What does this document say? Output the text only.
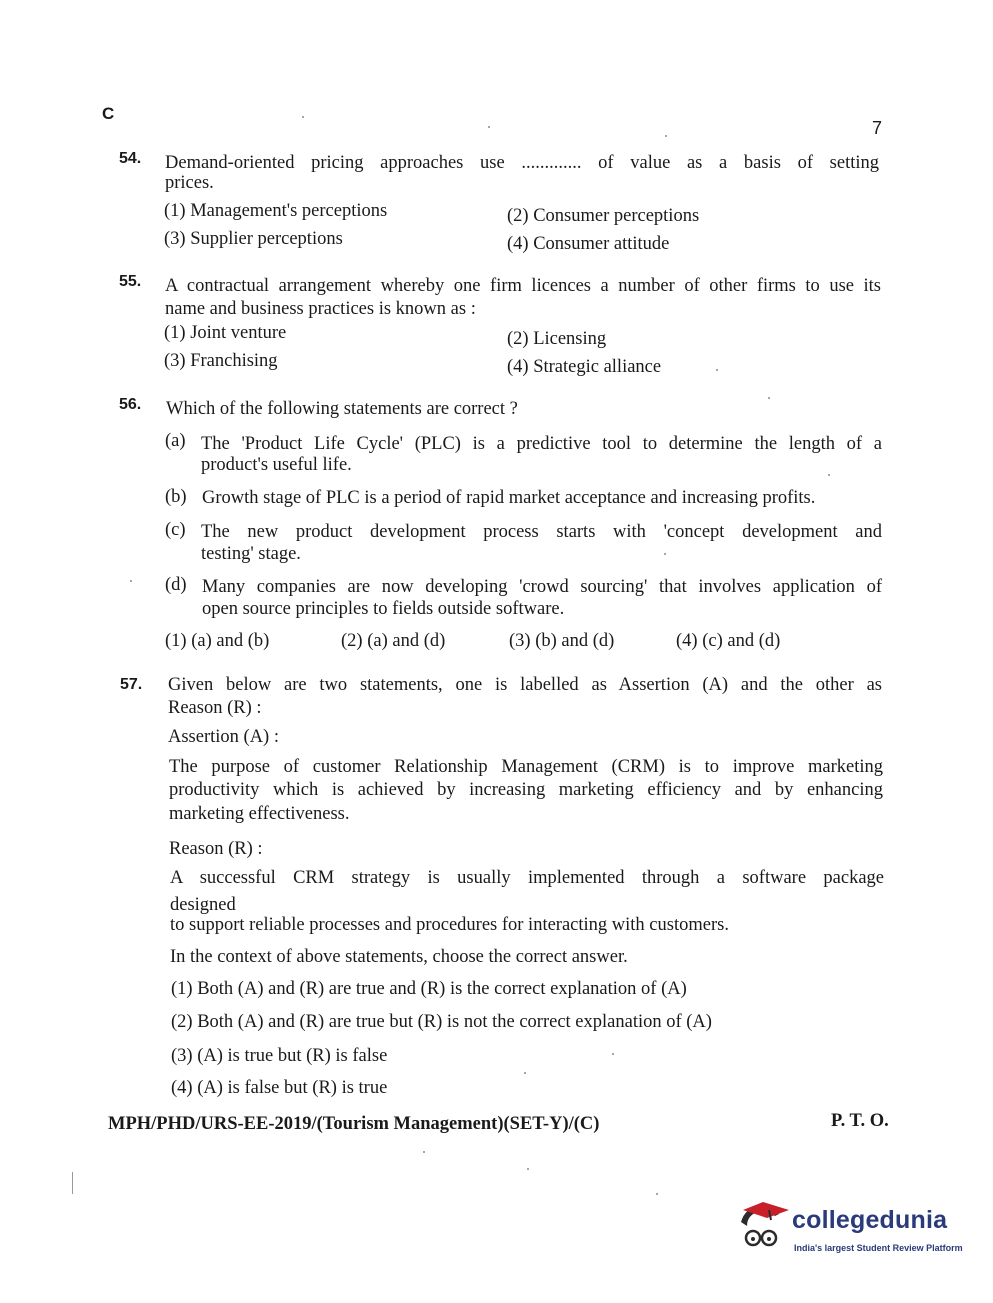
C
7
54. Demand-oriented pricing approaches use ............. of value as a basis of setting
prices.
(1) Management's perceptions	(2) Consumer perceptions
(3) Supplier perceptions	(4) Consumer attitude
55. A contractual arrangement whereby one firm licences a number of other firms to use its
name and business practices is known as :
(1) Joint venture	(2) Licensing
(3) Franchising	(4) Strategic alliance
56. Which of the following statements are correct ?
(a) The 'Product Life Cycle' (PLC) is a predictive tool to determine the length of a
product's useful life.
(b) Growth stage of PLC is a period of rapid market acceptance and increasing profits.
(c) The new product development process starts with 'concept development and
testing' stage.
(d) Many companies are now developing 'crowd sourcing' that involves application of
open source principles to fields outside software.
(1) (a) and (b)	(2) (a) and (d)	(3) (b) and (d)	(4) (c) and (d)
57. Given below are two statements, one is labelled as Assertion (A) and the other as
Reason (R) :
Assertion (A) :
The purpose of customer Relationship Management (CRM) is to improve marketing
productivity which is achieved by increasing marketing efficiency and by enhancing
marketing effectiveness.
Reason (R) :
A successful CRM strategy is usually implemented through a software package
designed
to support reliable processes and procedures for interacting with customers.
In the context of above statements, choose the correct answer.
(1) Both (A) and (R) are true and (R) is the correct explanation of (A)
(2) Both (A) and (R) are true but (R) is not the correct explanation of (A)
(3) (A) is true but (R) is false
(4) (A) is false but (R) is true
MPH/PHD/URS-EE-2019/(Tourism Management)(SET-Y)/(C)	P. T. O.
collegedunia
India's largest Student Review Platform
